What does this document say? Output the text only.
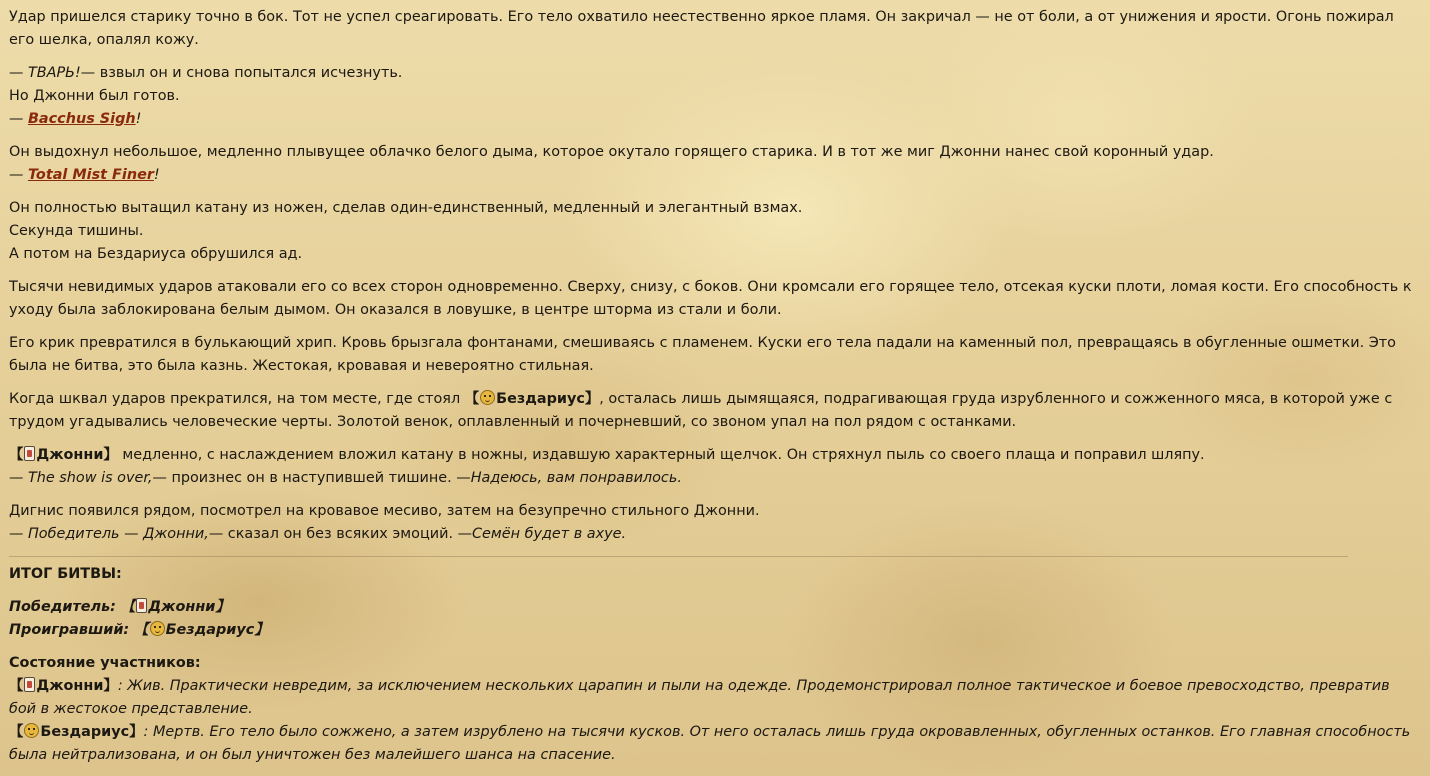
Удар пришелся старику точно в бок. Тот не успел среагировать. Его тело охватило неестественно яркое пламя. Он закричал — не от боли, а от унижения и ярости. Огонь пожирал его шелка, опалял кожу.

— ТВАРЬ!— взвыл он и снова попытался исчезнуть.
Но Джонни был готов.
— Bacchus Sigh!

Он выдохнул небольшое, медленно плывущее облачко белого дыма, которое окутало горящего старика. И в тот же миг Джонни нанес свой коронный удар.
— Total Mist Finer!

Он полностью вытащил катану из ножен, сделав один-единственный, медленный и элегантный взмах.
Секунда тишины.
А потом на Бездариуса обрушился ад.

Тысячи невидимых ударов атаковали его со всех сторон одновременно. Сверху, снизу, с боков. Они кромсали его горящее тело, отсекая куски плоти, ломая кости. Его способность к уходу была заблокирована белым дымом. Он оказался в ловушке, в центре шторма из стали и боли.

Его крик превратился в булькающий хрип. Кровь брызгала фонтанами, смешиваясь с пламенем. Куски его тела падали на каменный пол, превращаясь в обугленные ошметки. Это была не битва, это была казнь. Жестокая, кровавая и невероятно стильная.

Когда шквал ударов прекратился, на том месте, где стоял 【 Бездариус】, осталась лишь дымящаяся, подрагивающая груда изрубленного и сожженного мяса, в которой уже с трудом угадывались человеческие черты. Золотой венок, оплавленный и почерневший, со звоном упал на пол рядом с останками.

【 Джонни】 медленно, с наслаждением вложил катану в ножны, издавшую характерный щелчок. Он стряхнул пыль со своего плаща и поправил шляпу.
— The show is over,— произнес он в наступившей тишине. —Надеюсь, вам понравилось.

Дигнис появился рядом, посмотрел на кровавое месиво, затем на безупречно стильного Джонни.
— Победитель — Джонни,— сказал он без всяких эмоций. —Семён будет в ахуе.

ИТОГ БИТВЫ:

Победитель: 【 Джонни】
Проигравший: 【 Бездариус】

Состояние участников:

【 Джонни】: Жив. Практически невредим, за исключением нескольких царапин и пыли на одежде. Продемонстрировал полное тактическое и боевое превосходство, превратив бой в жестокое представление.

【 Бездариус】: Мертв. Его тело было сожжено, а затем изрублено на тысячи кусков. От него осталась лишь груда окровавленных, обугленных останков. Его главная способность была нейтрализована, и он был уничтожен без малейшего шанса на спасение.
